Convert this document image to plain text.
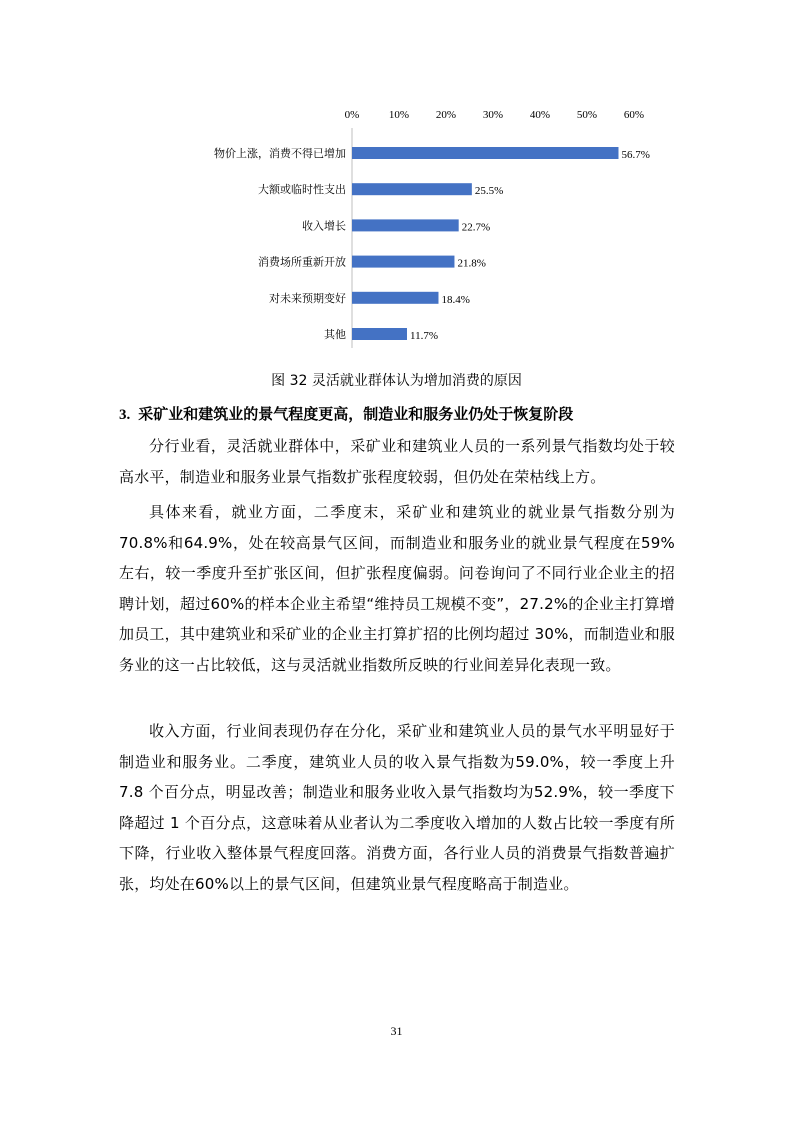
0%	10% 20% 30% 40% 50% 60%
物价上涨，消费不得已增加	56.7%
大额或临时性支出	25.5%
收入增长	22.7%
消费场所重新开放	21.8%
对未来预期变好	18.4%
其他	11.7%
图 32 灵活就业群体认为增加消费的原因
3. 采矿业和建筑业的景气程度更高，制造业和服务业仍处于恢复阶段

分行业看，灵活就业群体中，采矿业和建筑业人员的一系列景气指数均处于较高水平，制造业和服务业景气指数扩张程度较弱，但仍处在荣枯线上方。

具体来看，就业方面，二季度末，采矿业和建筑业的就业景气指数分别为70.8%和64.9%，处在较高景气区间，而制造业和服务业的就业景气程度在59%左右，较一季度升至扩张区间，但扩张程度偏弱。问卷询问了不同行业企业主的招聘计划，超过60%的样本企业主希望“维持员工规模不变”，27.2%的企业主打算增加员工，其中建筑业和采矿业的企业主打算扩招的比例均超过 30%，而制造业和服务业的这一占比较低，这与灵活就业指数所反映的行业间差异化表现一致。

收入方面，行业间表现仍存在分化，采矿业和建筑业人员的景气水平明显好于制造业和服务业。二季度，建筑业人员的收入景气指数为59.0%，较一季度上升 7.8 个百分点，明显改善；制造业和服务业收入景气指数均为52.9%，较一季度下降超过 1 个百分点，这意味着从业者认为二季度收入增加的人数占比较一季度有所下降，行业收入整体景气程度回落。消费方面，各行业人员的消费景气指数普遍扩张，均处在60%以上的景气区间，但建筑业景气程度略高于制造业。

31
